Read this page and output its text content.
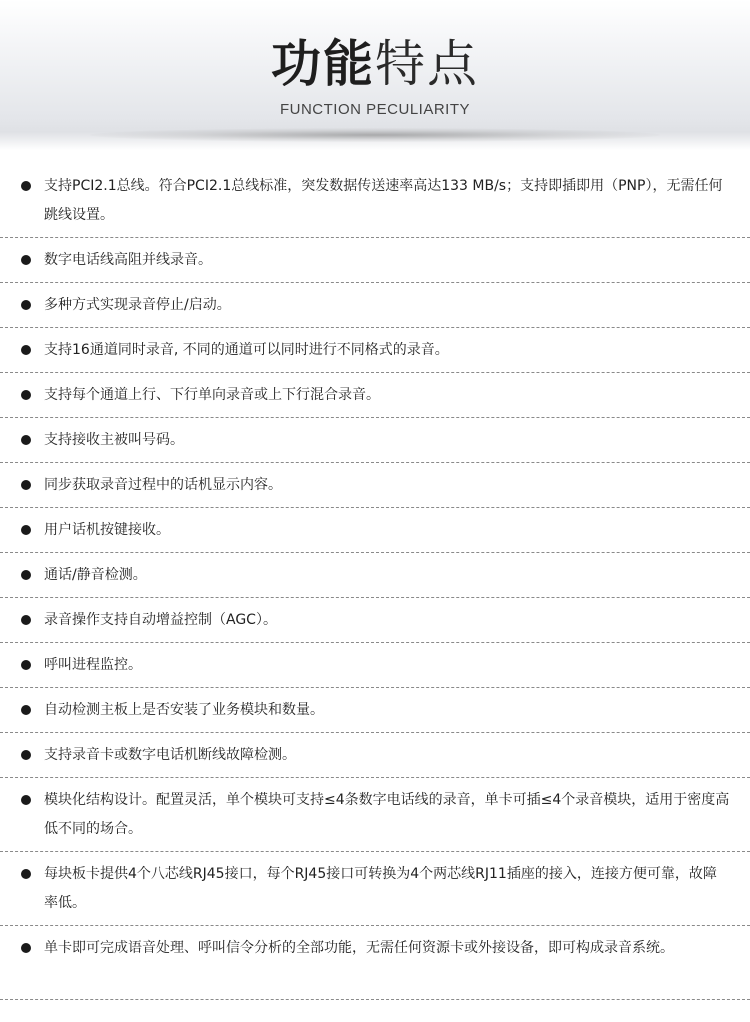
功能特点
FUNCTION PECULIARITY
支持PCI2.1总线。符合PCI2.1总线标准，突发数据传送速率高达133 MB/s；支持即插即用（PNP），无需任何跳线设置。
数字电话线高阻并线录音。
多种方式实现录音停止/启动。
支持16通道同时录音, 不同的通道可以同时进行不同格式的录音。
支持每个通道上行、下行单向录音或上下行混合录音。
支持接收主被叫号码。
同步获取录音过程中的话机显示内容。
用户话机按键接收。
通话/静音检测。
录音操作支持自动增益控制（AGC）。
呼叫进程监控。
自动检测主板上是否安装了业务模块和数量。
支持录音卡或数字电话机断线故障检测。
模块化结构设计。配置灵活，单个模块可支持≤4条数字电话线的录音，单卡可插≤4个录音模块，适用于密度高低不同的场合。
每块板卡提供4个八芯线RJ45接口，每个RJ45接口可转换为4个两芯线RJ11插座的接入，连接方便可靠，故障率低。
单卡即可完成语音处理、呼叫信令分析的全部功能，无需任何资源卡或外接设备，即可构成录音系统。
